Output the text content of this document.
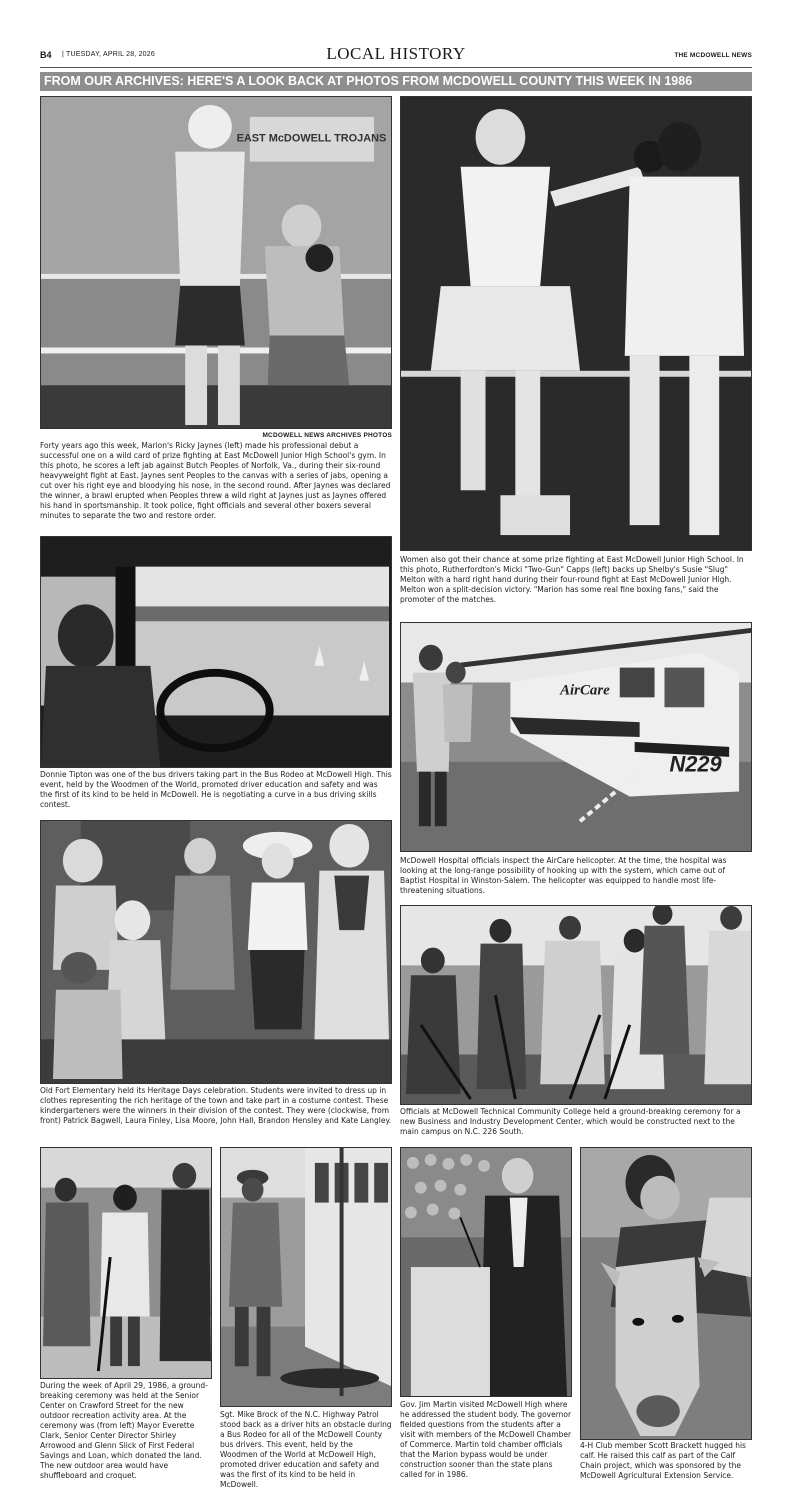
B4 | TUESDAY, APRIL 28, 2026	LOCAL HISTORY	THE MCDOWELL NEWS
FROM OUR ARCHIVES: HERE'S A LOOK BACK AT PHOTOS FROM MCDOWELL COUNTY THIS WEEK IN 1986
EAST McDOWELL TROJANS
MCDOWELL NEWS ARCHIVES PHOTOS
Forty years ago this week, Marion's Ricky Jaynes (left) made his professional debut a successful one on a wild card of prize fighting at East McDowell Junior High School's gym. In this photo, he scores a left jab against Butch Peoples of Norfolk, Va., during their six-round heavyweight fight at East. Jaynes sent Peoples to the canvas with a series of jabs, opening a cut over his right eye and bloodying his nose, in the second round. After Jaynes was declared the winner, a brawl erupted when Peoples threw a wild right at Jaynes just as Jaynes offered his hand in sportsmanship. It took police, fight officials and several other boxers several minutes to separate the two and restore order.
Women also got their chance at some prize fighting at East McDowell Junior High School. In this photo, Rutherfordton's Micki "Two-Gun" Capps (left) backs up Shelby's Susie "Slug" Melton with a hard right hand during their four-round fight at East McDowell Junior High. Melton won a split-decision victory. "Marion has some real fine boxing fans," said the promoter of the matches.
Donnie Tipton was one of the bus drivers taking part in the Bus Rodeo at McDowell High. This event, held by the Woodmen of the World, promoted driver education and safety and was the first of its kind to be held in McDowell. He is negotiating a curve in a bus driving skills contest.
AirCare
N229
McDowell Hospital officials inspect the AirCare helicopter. At the time, the hospital was looking at the long-range possibility of hooking up with the system, which came out of Baptist Hospital in Winston-Salem. The helicopter was equipped to handle most life-threatening situations.
Old Fort Elementary held its Heritage Days celebration. Students were invited to dress up in clothes representing the rich heritage of the town and take part in a costume contest. These kindergarteners were the winners in their division of the contest. They were (clockwise, from front) Patrick Bagwell, Laura Finley, Lisa Moore, John Hall, Brandon Hensley and Kate Langley.
Officials at McDowell Technical Community College held a ground-breaking ceremony for a new Business and Industry Development Center, which would be constructed next to the main campus on N.C. 226 South.
During the week of April 29, 1986, a ground-breaking ceremony was held at the Senior Center on Crawford Street for the new outdoor recreation activity area. At the ceremony was (from left) Mayor Everette Clark, Senior Center Director Shirley Arrowood and Glenn Slick of First Federal Savings and Loan, which donated the land. The new outdoor area would have shuffleboard and croquet.
Sgt. Mike Brock of the N.C. Highway Patrol stood back as a driver hits an obstacle during a Bus Rodeo for all of the McDowell County bus drivers. This event, held by the Woodmen of the World at McDowell High, promoted driver education and safety and was the first of its kind to be held in McDowell.
Gov. Jim Martin visited McDowell High where he addressed the student body. The governor fielded questions from the students after a visit with members of the McDowell Chamber of Commerce. Martin told chamber officials that the Marion bypass would be under construction sooner than the state plans called for in 1986.
4-H Club member Scott Brackett hugged his calf. He raised this calf as part of the Calf Chain project, which was sponsored by the McDowell Agricultural Extension Service.
